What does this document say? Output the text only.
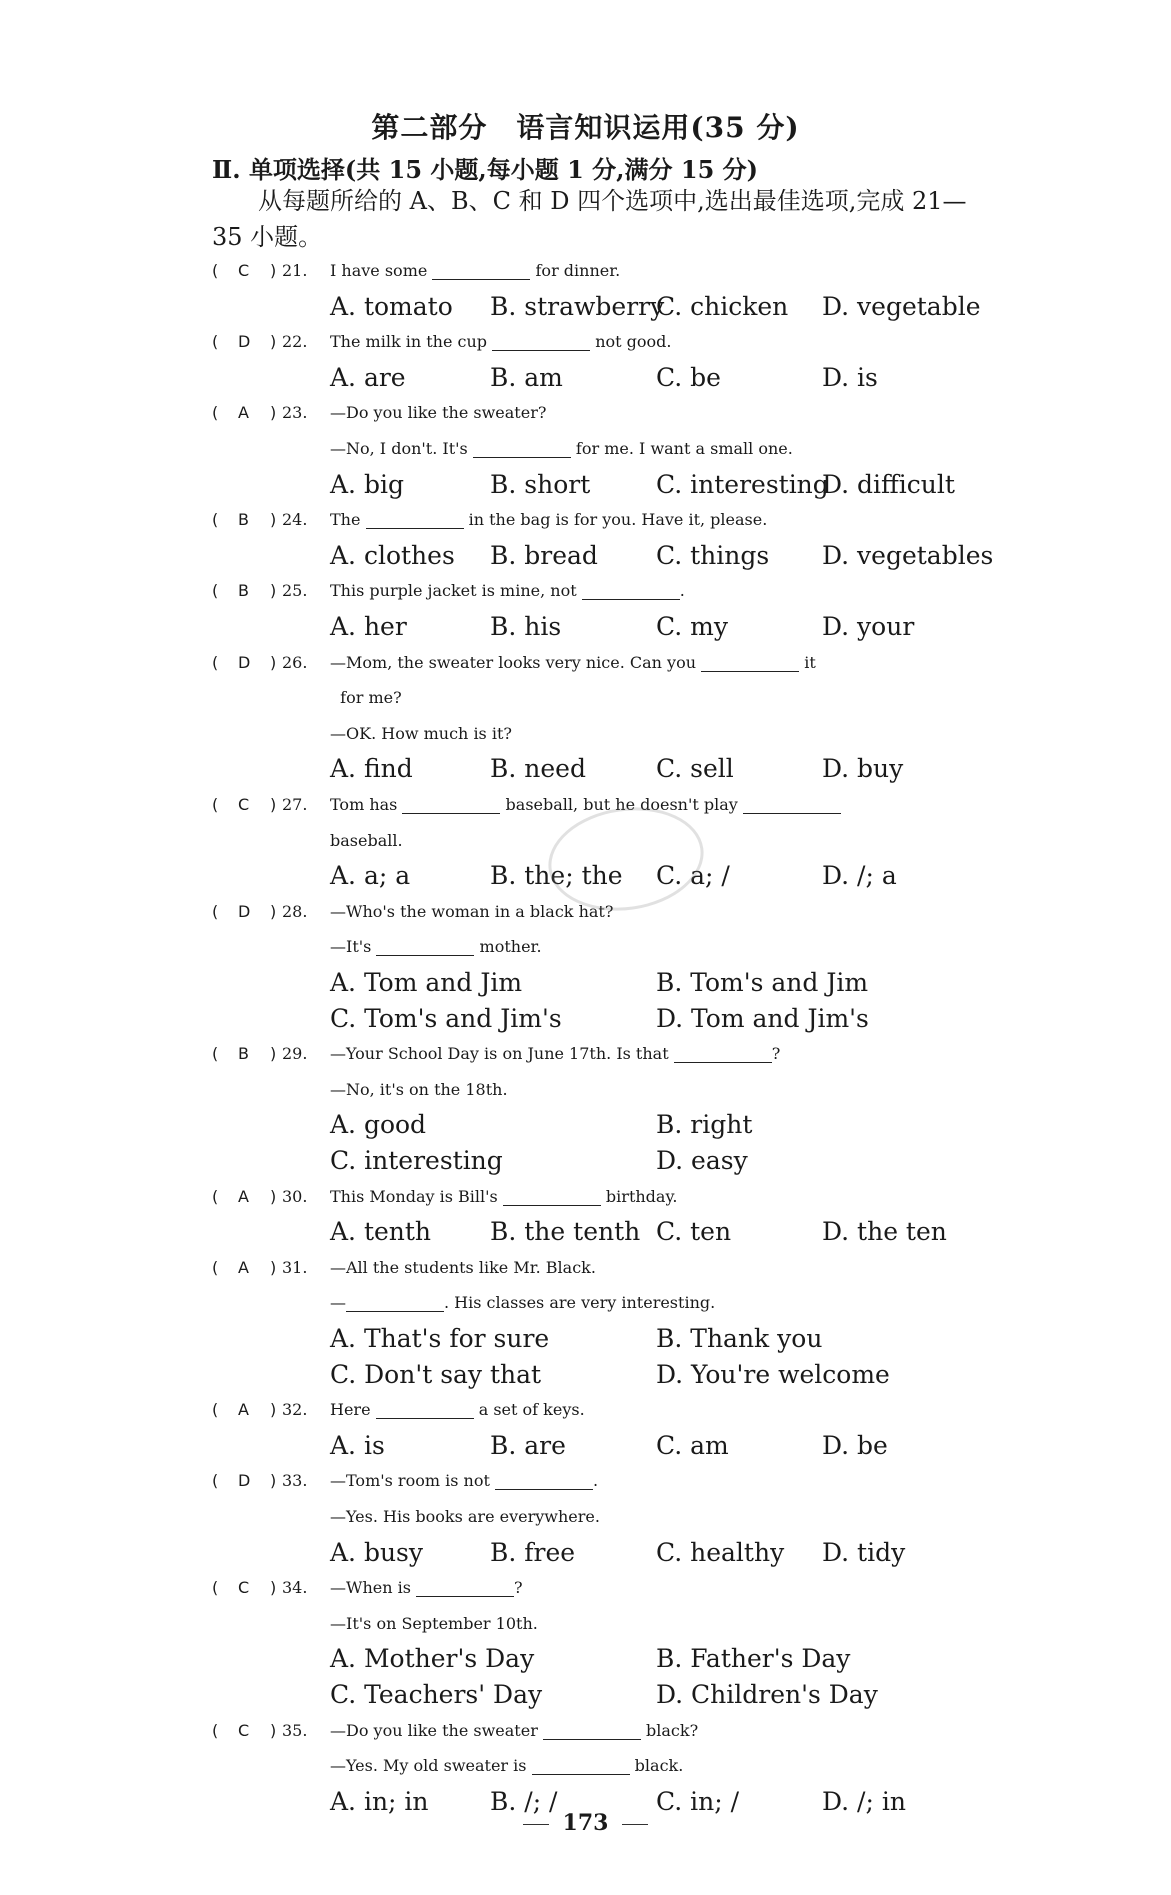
第二部分　语言知识运用(35 分)
Ⅱ. 单项选择(共 15 小题,每小题 1 分,满分 15 分)
从每题所给的 A、B、C 和 D 四个选项中,选出最佳选项,完成 21—35 小题。
( C ) 21. I have some	for dinner.
A. tomato B. strawberry
C. chicken D. vegetable
( D ) 22. The milk in the cup	not good.
A. are	B. am	C. be	D. is
( A ) 23. —Do you like the sweater?
—No, I don't. It's	for me. I want a small one.
A. big	B. short	C. interesting
D. difficult
( B ) 24. The	in the bag is for you. Have it, please.
A. clothes B. bread C. things D. vegetables
( B ) 25. This purple jacket is mine, not	.
A. her	B. his	C. my	D. your
( D ) 26. —Mom, the sweater looks very nice. Can you	it
for me?
—OK. How much is it?
A. find	B. need	C. sell	D. buy
( C ) 27. Tom has	baseball, but he doesn't play
baseball.
A. a; a	B. the; the C. a; /	D. /; a
( D ) 28. —Who's the woman in a black hat?
—It's	mother.
A. Tom and Jim	B. Tom's and Jim
C. Tom's and Jim's	D. Tom and Jim's
( B ) 29. —Your School Day is on June 17th. Is that	?
—No, it's on the 18th.
A. good	B. right
C. interesting	D. easy
( A ) 30. This Monday is Bill's	birthday.
A. tenth B. the tenth C. ten	D. the ten
( A ) 31. —All the students like Mr. Black.
—	. His classes are very interesting.
A. That's for sure	B. Thank you
C. Don't say that	D. You're welcome
( A ) 32. Here	a set of keys.
A. is	B. are	C. am	D. be
( D ) 33. —Tom's room is not	.
—Yes. His books are everywhere.
A. busy	B. free	C. healthy D. tidy
( C ) 34. —When is	?
—It's on September 10th.
A. Mother's Day	B. Father's Day
C. Teachers' Day	D. Children's Day
( C ) 35. —Do you like the sweater	black?
—Yes. My old sweater is	black.
A. in; in B. /; /	C. in; /	D. /; in
173
